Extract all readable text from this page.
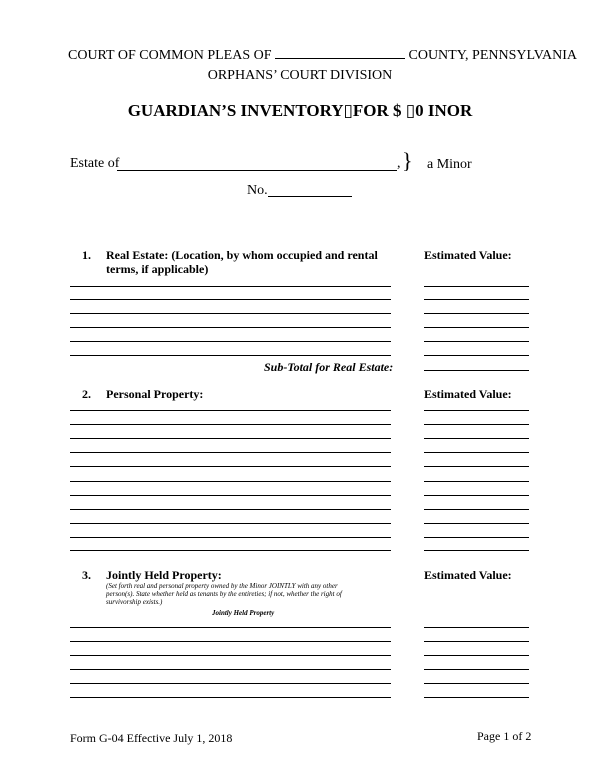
COURT OF COMMON PLEAS OF	COUNTY, PENNSYLVANIA
ORPHANS’ COURT DIVISION
GUARDIAN’S INVENTORY▯FOR $ ▯0 INOR
Estate of	, } a Minor
No.
1. Real Estate: (Location, by whom occupied and rental
terms, if applicable)
Estimated Value:
Sub-Total for Real Estate:
2. Personal Property:	Estimated Value:
3. Jointly Held Property:	Estimated Value:
(Set forth real and personal property owned by the Minor JOINTLY with any other
person(s). State whether held as tenants by the entireties; if not, whether the right of
survivorship exists.)
Jointly Held Property
Form G-04 Effective July 1, 2018	Page 1 of 2
